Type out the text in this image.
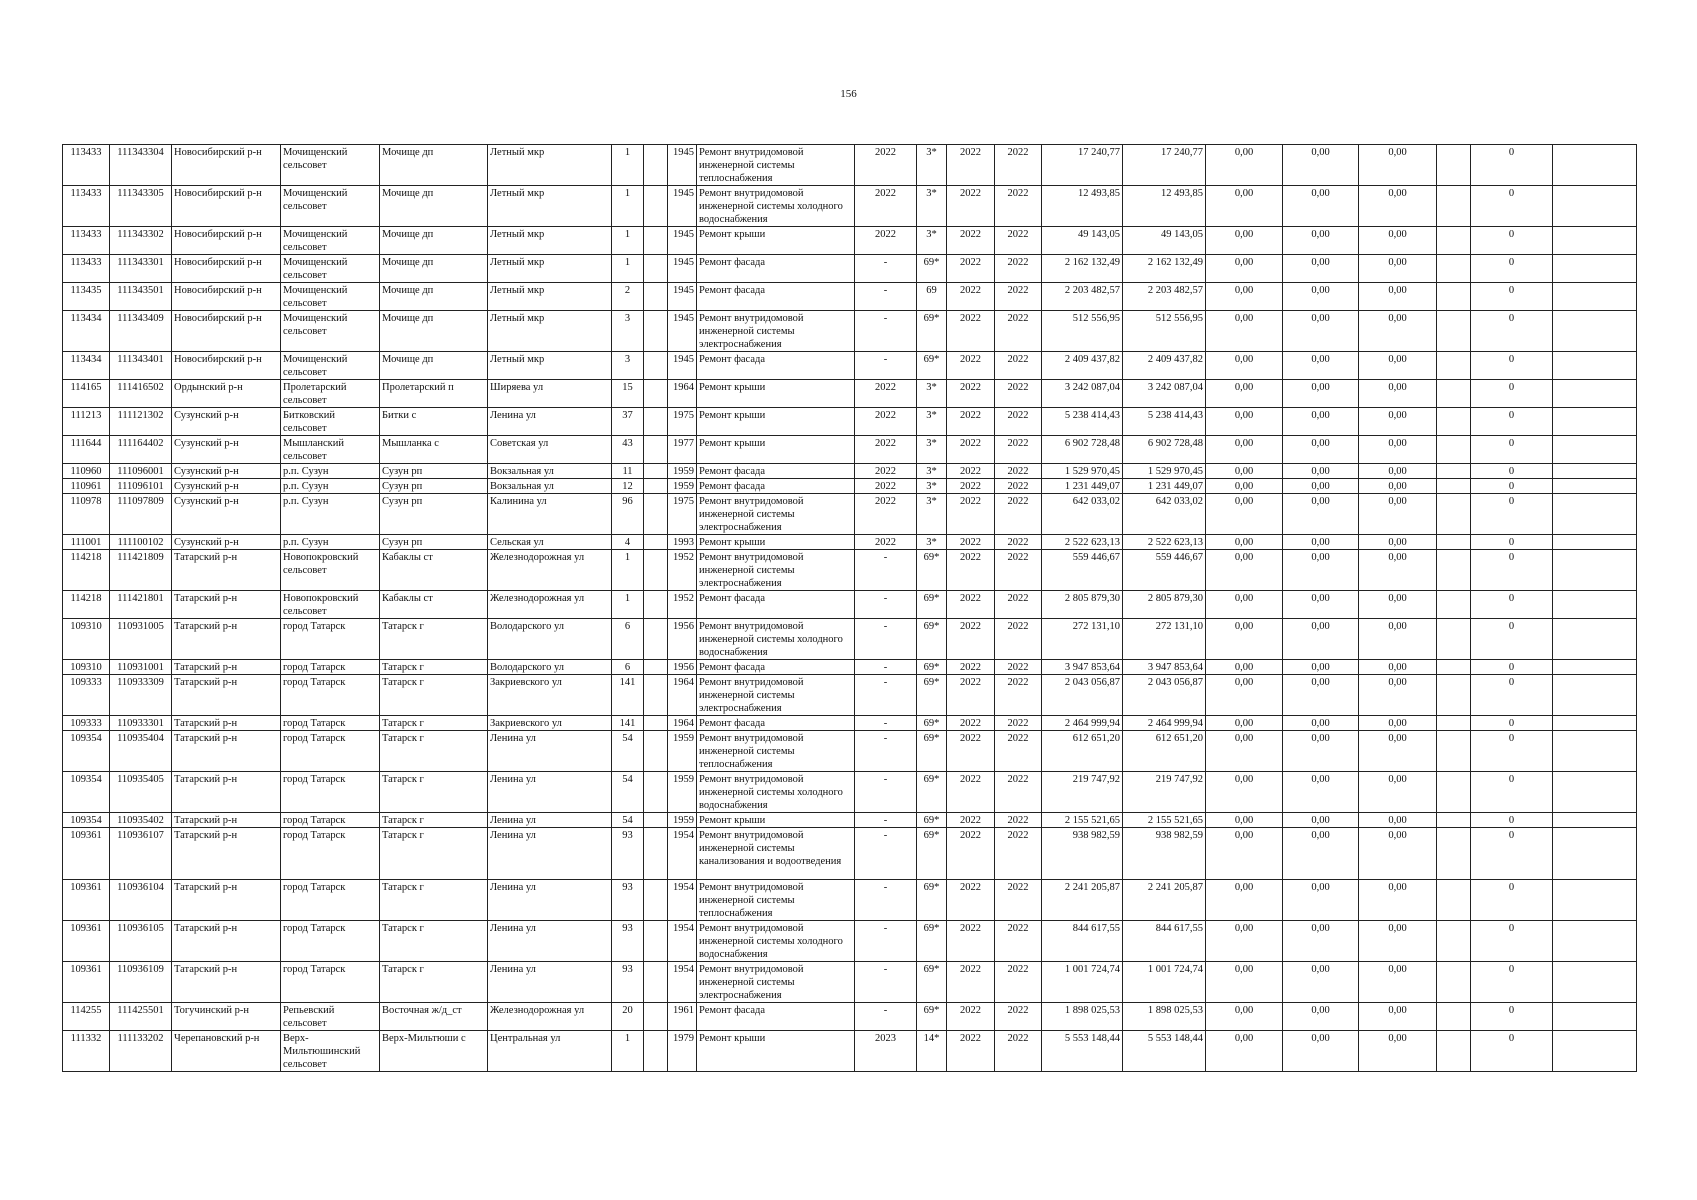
156
113433	111343304	Новосибирский р-н	Мочищенский сельсовет	Мочище дп	Летный мкр	1		1945	Ремонт внутридомовой инженерной системы теплоснабжения	2022	3*	2022	2022	17 240,77	17 240,77	0,00	0,00	0,00		0	
113433	111343305	Новосибирский р-н	Мочищенский сельсовет	Мочище дп	Летный мкр	1		1945	Ремонт внутридомовой инженерной системы холодного водоснабжения	2022	3*	2022	2022	12 493,85	12 493,85	0,00	0,00	0,00		0	
113433	111343302	Новосибирский р-н	Мочищенский сельсовет	Мочище дп	Летный мкр	1		1945	Ремонт крыши	2022	3*	2022	2022	49 143,05	49 143,05	0,00	0,00	0,00		0	
113433	111343301	Новосибирский р-н	Мочищенский сельсовет	Мочище дп	Летный мкр	1		1945	Ремонт фасада	-	69*	2022	2022	2 162 132,49	2 162 132,49	0,00	0,00	0,00		0	
113435	111343501	Новосибирский р-н	Мочищенский сельсовет	Мочище дп	Летный мкр	2		1945	Ремонт фасада	-	69	2022	2022	2 203 482,57	2 203 482,57	0,00	0,00	0,00		0	
113434	111343409	Новосибирский р-н	Мочищенский сельсовет	Мочище дп	Летный мкр	3		1945	Ремонт внутридомовой инженерной системы электроснабжения	-	69*	2022	2022	512 556,95	512 556,95	0,00	0,00	0,00		0	
113434	111343401	Новосибирский р-н	Мочищенский сельсовет	Мочище дп	Летный мкр	3		1945	Ремонт фасада	-	69*	2022	2022	2 409 437,82	2 409 437,82	0,00	0,00	0,00		0	
114165	111416502	Ордынский р-н	Пролетарский сельсовет	Пролетарский п	Ширяева ул	15		1964	Ремонт крыши	2022	3*	2022	2022	3 242 087,04	3 242 087,04	0,00	0,00	0,00		0	
111213	111121302	Сузунский р-н	Битковский сельсовет	Битки с	Ленина ул	37		1975	Ремонт крыши	2022	3*	2022	2022	5 238 414,43	5 238 414,43	0,00	0,00	0,00		0	
111644	111164402	Сузунский р-н	Мышланский сельсовет	Мышланка с	Советская ул	43		1977	Ремонт крыши	2022	3*	2022	2022	6 902 728,48	6 902 728,48	0,00	0,00	0,00		0	
110960	111096001	Сузунский р-н	р.п. Сузун	Сузун рп	Вокзальная ул	11		1959	Ремонт фасада	2022	3*	2022	2022	1 529 970,45	1 529 970,45	0,00	0,00	0,00		0	
110961	111096101	Сузунский р-н	р.п. Сузун	Сузун рп	Вокзальная ул	12		1959	Ремонт фасада	2022	3*	2022	2022	1 231 449,07	1 231 449,07	0,00	0,00	0,00		0	
110978	111097809	Сузунский р-н	р.п. Сузун	Сузун рп	Калинина ул	96		1975	Ремонт внутридомовой инженерной системы электроснабжения	2022	3*	2022	2022	642 033,02	642 033,02	0,00	0,00	0,00		0	
111001	111100102	Сузунский р-н	р.п. Сузун	Сузун рп	Сельская ул	4		1993	Ремонт крыши	2022	3*	2022	2022	2 522 623,13	2 522 623,13	0,00	0,00	0,00		0	
114218	111421809	Татарский р-н	Новопокровский сельсовет	Кабаклы ст	Железнодорожная ул	1		1952	Ремонт внутридомовой инженерной системы электроснабжения	-	69*	2022	2022	559 446,67	559 446,67	0,00	0,00	0,00		0	
114218	111421801	Татарский р-н	Новопокровский сельсовет	Кабаклы ст	Железнодорожная ул	1		1952	Ремонт фасада	-	69*	2022	2022	2 805 879,30	2 805 879,30	0,00	0,00	0,00		0	
109310	110931005	Татарский р-н	город Татарск	Татарск г	Володарского ул	6		1956	Ремонт внутридомовой инженерной системы холодного водоснабжения	-	69*	2022	2022	272 131,10	272 131,10	0,00	0,00	0,00		0	
109310	110931001	Татарский р-н	город Татарск	Татарск г	Володарского ул	6		1956	Ремонт фасада	-	69*	2022	2022	3 947 853,64	3 947 853,64	0,00	0,00	0,00		0	
109333	110933309	Татарский р-н	город Татарск	Татарск г	Закриевского ул	141		1964	Ремонт внутридомовой инженерной системы электроснабжения	-	69*	2022	2022	2 043 056,87	2 043 056,87	0,00	0,00	0,00		0	
109333	110933301	Татарский р-н	город Татарск	Татарск г	Закриевского ул	141		1964	Ремонт фасада	-	69*	2022	2022	2 464 999,94	2 464 999,94	0,00	0,00	0,00		0	
109354	110935404	Татарский р-н	город Татарск	Татарск г	Ленина ул	54		1959	Ремонт внутридомовой инженерной системы теплоснабжения	-	69*	2022	2022	612 651,20	612 651,20	0,00	0,00	0,00		0	
109354	110935405	Татарский р-н	город Татарск	Татарск г	Ленина ул	54		1959	Ремонт внутридомовой инженерной системы холодного водоснабжения	-	69*	2022	2022	219 747,92	219 747,92	0,00	0,00	0,00		0	
109354	110935402	Татарский р-н	город Татарск	Татарск г	Ленина ул	54		1959	Ремонт крыши	-	69*	2022	2022	2 155 521,65	2 155 521,65	0,00	0,00	0,00		0	
109361	110936107	Татарский р-н	город Татарск	Татарск г	Ленина ул	93		1954	Ремонт внутридомовой инженерной системы канализования и водоотведения	-	69*	2022	2022	938 982,59	938 982,59	0,00	0,00	0,00		0	
109361	110936104	Татарский р-н	город Татарск	Татарск г	Ленина ул	93		1954	Ремонт внутридомовой инженерной системы теплоснабжения	-	69*	2022	2022	2 241 205,87	2 241 205,87	0,00	0,00	0,00		0	
109361	110936105	Татарский р-н	город Татарск	Татарск г	Ленина ул	93		1954	Ремонт внутридомовой инженерной системы холодного водоснабжения	-	69*	2022	2022	844 617,55	844 617,55	0,00	0,00	0,00		0	
109361	110936109	Татарский р-н	город Татарск	Татарск г	Ленина ул	93		1954	Ремонт внутридомовой инженерной системы электроснабжения	-	69*	2022	2022	1 001 724,74	1 001 724,74	0,00	0,00	0,00		0	
114255	111425501	Тогучинский р-н	Репьевский сельсовет	Восточная ж/д_ст	Железнодорожная ул	20		1961	Ремонт фасада	-	69*	2022	2022	1 898 025,53	1 898 025,53	0,00	0,00	0,00		0	
111332	111133202	Черепановский р-н	Верх-Мильтюшинский сельсовет	Верх-Мильтюши с	Центральная ул	1		1979	Ремонт крыши	2023	14*	2022	2022	5 553 148,44	5 553 148,44	0,00	0,00	0,00		0	
